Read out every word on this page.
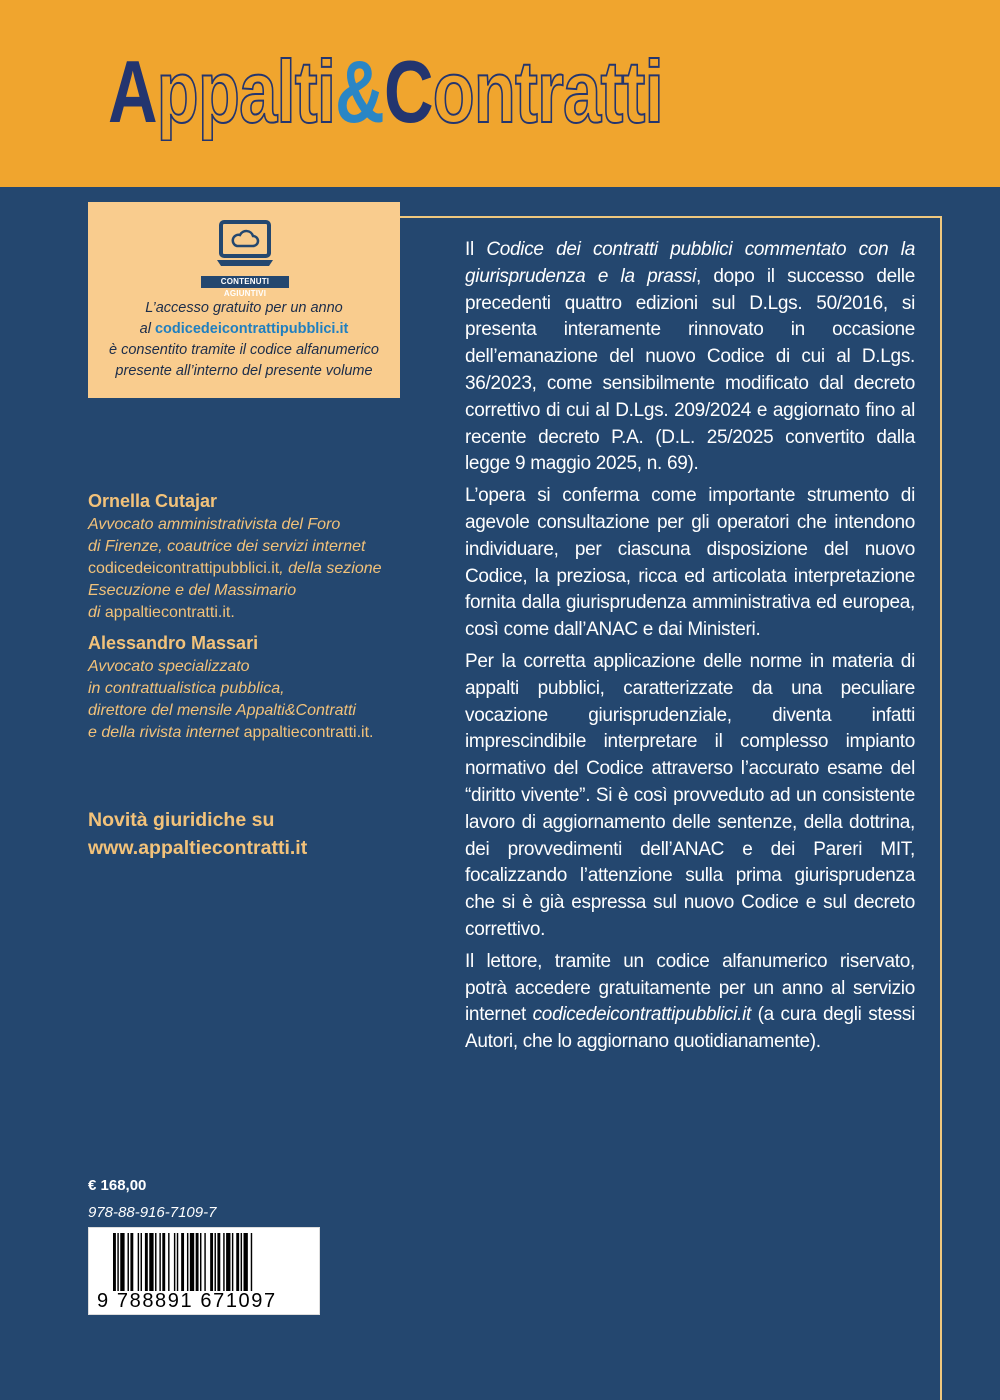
Appalti&Contratti
CONTENUTI AGIUNTIVI
L’accesso gratuito per un anno
al codicedeicontrattipubblici.it
è consentito tramite il codice alfanumerico
presente all’interno del presente volume
Ornella Cutajar
Avvocato amministrativista del Foro
di Firenze, coautrice dei servizi internet
codicedeicontrattipubblici.it, della sezione
Esecuzione e del Massimario
di appaltiecontratti.it.
Alessandro Massari
Avvocato specializzato
in contrattualistica pubblica,
direttore del mensile Appalti&Contratti
e della rivista internet appaltiecontratti.it.
Novità giuridiche su
www.appaltiecontratti.it

Il Codice dei contratti pubblici commentato con la giurisprudenza e la prassi, dopo il successo delle precedenti quattro edizioni sul D.Lgs. 50/2016, si presenta interamente rinnovato in occasione dell’emanazione del nuovo Codice di cui al D.Lgs. 36/2023, come sensibilmente modificato dal decreto correttivo di cui al D.Lgs. 209/2024 e aggiornato fino al recente decreto P.A. (D.L. 25/2025 convertito dalla legge 9 maggio 2025, n. 69).

L’opera si conferma come importante strumento di agevole consultazione per gli operatori che intendono individuare, per ciascuna disposizione del nuovo Codice, la preziosa, ricca ed articolata interpretazione fornita dalla giurisprudenza amministrativa ed europea, così come dall’ANAC e dai Ministeri.

Per la corretta applicazione delle norme in materia di appalti pubblici, caratterizzate da una peculiare vocazione giurisprudenziale, diventa infatti imprescindibile interpretare il complesso impianto normativo del Codice attraverso l’accurato esame del “diritto vivente”. Si è così provveduto ad un consistente lavoro di aggiornamento delle sentenze, della dottrina, dei provvedimenti dell’ANAC e dei Pareri MIT, focalizzando l’attenzione sulla prima giurisprudenza che si è già espressa sul nuovo Codice e sul decreto correttivo.

Il lettore, tramite un codice alfanumerico riservato, potrà accedere gratuitamente per un anno al servizio internet codicedeicontrattipubblici.it (a cura degli stessi Autori, che lo aggiornano quotidianamente).

€ 168,00
978-88-916-7109-7
9 788891 671097
